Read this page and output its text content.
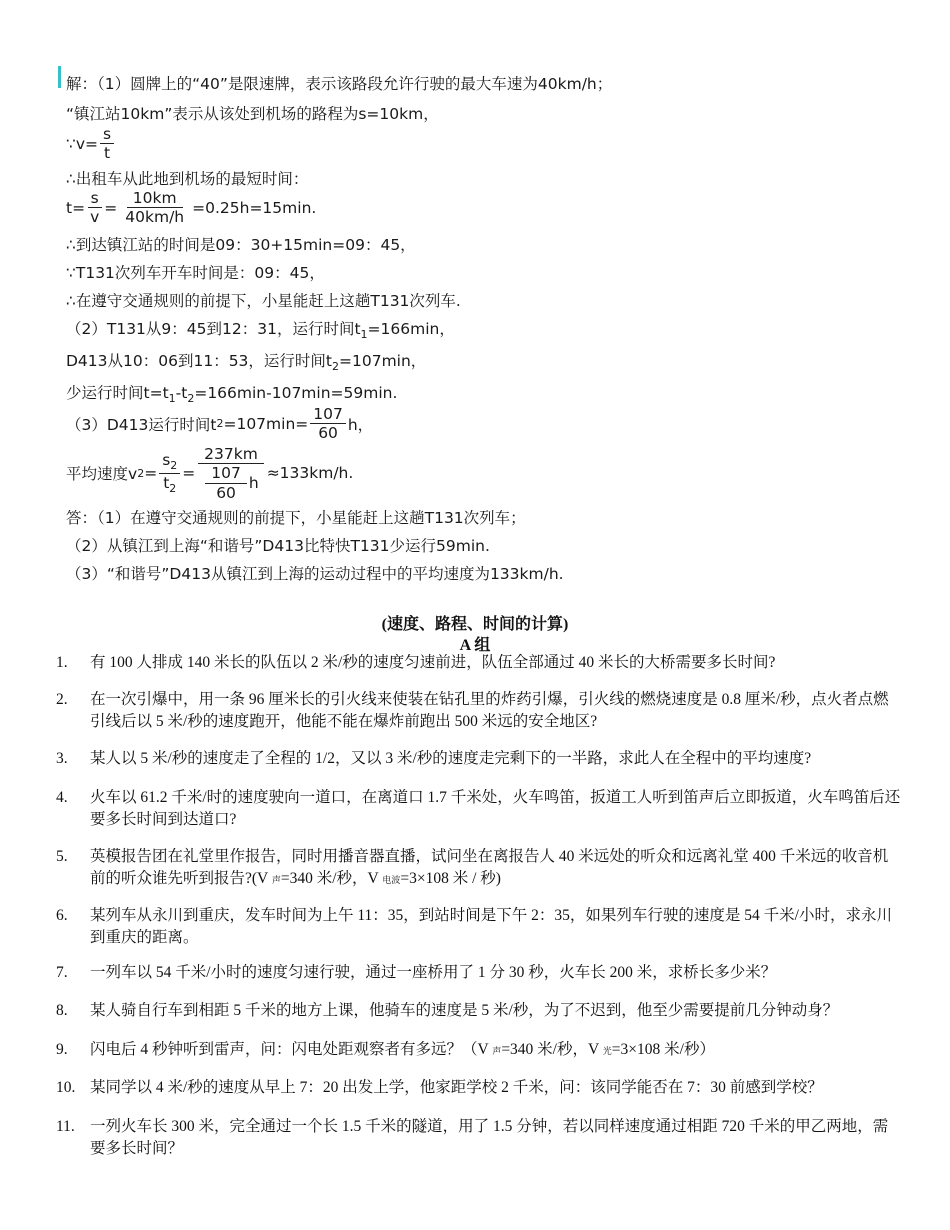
解：（1）圆牌上的“40”是限速牌，表示该路段允许行驶的最大车速为40km/h；
“镇江站10km”表示从该处到机场的路程为s=10km，
∵v= $\frac{s}{t}$
∴出租车从此地到机场的最短时间：
$t= \frac{s}{v} = \frac{10km}{40km/h} =0.25h=15\min$.
∴到达镇江站的时间是09：30+15min=09：45，
∵T131次列车开车时间是：09：45，
∴在遵守交通规则的前提下，小星能赶上这趟T131次列车.
（2）T131从9：45到12：31，运行时间$t_1=166\min$，
D413从10：06到11：53，运行时间$t_2=107\min$，
少运行时间$t=t_1-t_2=166\min-107\min=59\min$.
（3）D413运行时间t $2 =107\min= \frac{107}{60}$ h，
平均速度v $2 = \frac{s_2}{t_2} = \frac{237km}{\frac{107}{60} h} \approx 133km/h$.
答：（1）在遵守交通规则的前提下，小星能赶上这趟T131次列车；
（2）从镇江到上海“和谐号”D413比特快T131少运行59min.
（3）“和谐号”D413从镇江到上海的运动过程中的平均速度为133km/h.
(速度、路程、时间的计算)
A 组
1.	有 100 人排成 140 米长的队伍以 2 米/秒的速度匀速前进，队伍全部通过 40 米长的大桥需要多长时间?
2.	在一次引爆中，用一条 96 厘米长的引火线来使装在钻孔里的炸药引爆，引火线的燃烧速度是 0.8 厘米/秒，点火者点燃引线后以 5 米/秒的速度跑开，他能不能在爆炸前跑出 500 米远的安全地区?
3.	某人以 5 米/秒的速度走了全程的 1/2，又以 3 米/秒的速度走完剩下的一半路，求此人在全程中的平均速度?
4.	火车以 61.2 千米/时的速度驶向一道口，在离道口 1.7 千米处，火车鸣笛，扳道工人听到笛声后立即扳道，火车鸣笛后还要多长时间到达道口?
5.	英模报告团在礼堂里作报告，同时用播音器直播，试问坐在离报告人 40 米远处的听众和远离礼堂 400 千米远的收音机前的听众谁先听到报告?(V 声=340 米/秒，V 电波=3×108 米 / 秒)
6.	某列车从永川到重庆，发车时间为上午 11：35，到站时间是下午 2：35，如果列车行驶的速度是 54 千米/小时，求永川到重庆的距离。
7.	一列车以 54 千米/小时的速度匀速行驶，通过一座桥用了 1 分 30 秒，火车长 200 米，求桥长多少米？
8.	某人骑自行车到相距 5 千米的地方上课，他骑车的速度是 5 米/秒，为了不迟到，他至少需要提前几分钟动身？
9.	闪电后 4 秒钟听到雷声，问：闪电处距观察者有多远？（V 声=340 米/秒，V 光=3×108 米/秒）
10. 某同学以 4 米/秒的速度从早上 7：20 出发上学，他家距学校 2 千米，问：该同学能否在 7：30 前感到学校？
11. 一列火车长 300 米，完全通过一个长 1.5 千米的隧道，用了 1.5 分钟，若以同样速度通过相距 720 千米的甲乙两地，需要多长时间？
